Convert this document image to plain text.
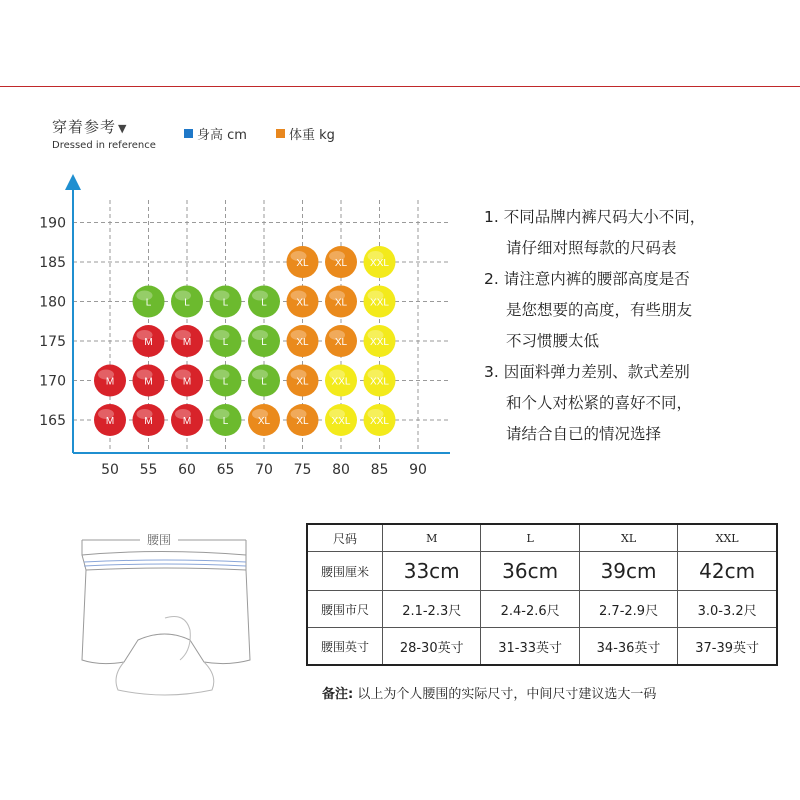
穿着参考 ▼
Dressed in reference
身高 cm	体重 kg
50 55 60 65 70 75 80 85 90
165
170
175
180
185
190
M	M	M	L	XL	XL XXL XXL
M	M	M	L	L	XL XXL XXL
M	M	L	L	XL	XL XXL
L	L	L	L	XL	XL XXL
XL	XL XXL
1. 不同品牌内裤尺码大小不同，
请仔细对照每款的尺码表
2. 请注意内裤的腰部高度是否
是您想要的高度，有些朋友
不习惯腰太低
3. 因面料弹力差别、款式差别
和个人对松紧的喜好不同，
请结合自已的情况选择
腰围	尺码	M	L	XL	XXL
腰围厘米	33cm	36cm	39cm	42cm
腰围市尺	2.1-2.3尺	2.4-2.6尺	2.7-2.9尺	3.0-3.2尺
腰围英寸	28-30英寸	31-33英寸	34-36英寸	37-39英寸
备注: 以上为个人腰围的实际尺寸，中间尺寸建议选大一码
